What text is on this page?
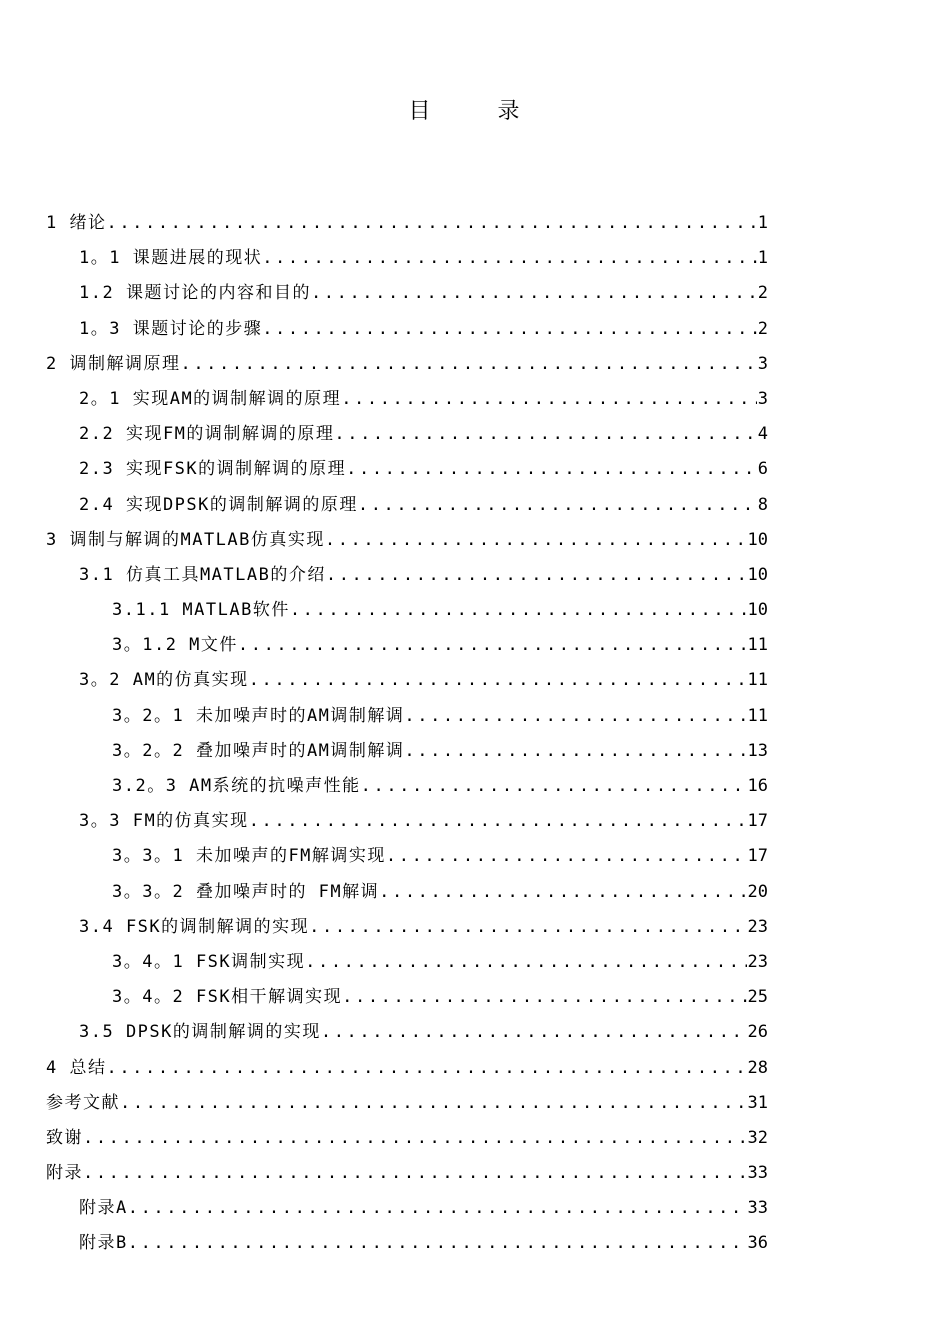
目 录
1 绪论 .....	1
1。1 课题进展的现状 .....	1
1.2 课题讨论的内容和目的 .....	2
1。3 课题讨论的步骤 .....	2
2 调制解调原理 .....	3
2。1 实现AM的调制解调的原理 .....	3
2.2 实现FM的调制解调的原理 .....	4
2.3 实现FSK的调制解调的原理 .....	6
2.4 实现DPSK的调制解调的原理 .....	8
3 调制与解调的MATLAB仿真实现 .....	10
3.1 仿真工具MATLAB的介绍 .....	10
3.1.1 MATLAB软件 .....	10
3。1.2 M文件 .....	11
3。2 AM的仿真实现 .....	11
3。2。1 未加噪声时的AM调制解调 .....	11
3。2。2 叠加噪声时的AM调制解调 .....	13
3.2。3 AM系统的抗噪声性能 .....	16
3。3 FM的仿真实现 .....	17
3。3。1 未加噪声的FM解调实现 .....	17
3。3。2 叠加噪声时的 FM解调 .....	20
3.4 FSK的调制解调的实现 .....	23
3。4。1 FSK调制实现 .....	23
3。4。2 FSK相干解调实现 .....	25
3.5 DPSK的调制解调的实现 .....	26
4 总结 .....	28
参考文献 .....	31
致谢 .....	32
附录 .....	33
附录A .....	33
附录B .....	36
